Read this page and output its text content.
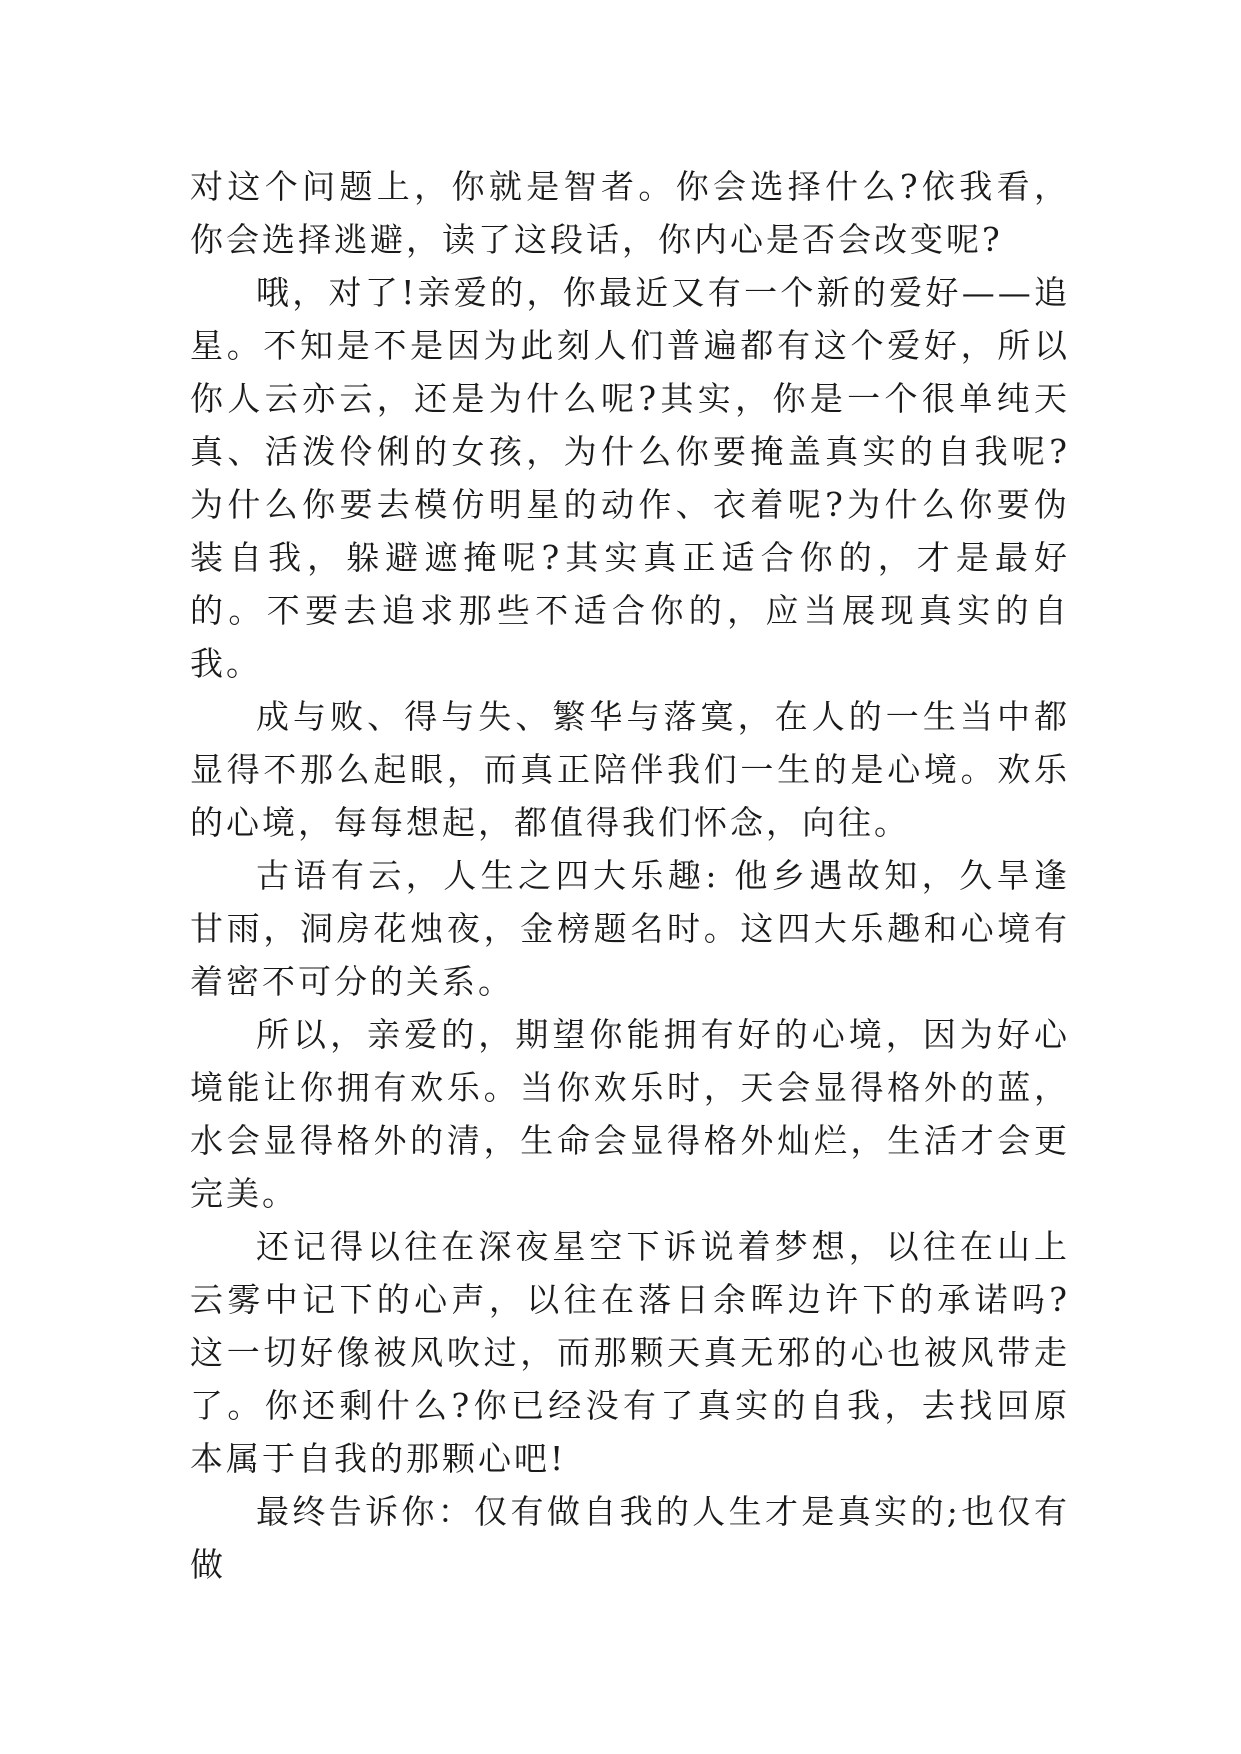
对这个问题上，你就是智者。你会选择什么?依我看，你会选择逃避，读了这段话，你内心是否会改变呢?

哦，对了!亲爱的，你最近又有一个新的爱好——追星。不知是不是因为此刻人们普遍都有这个爱好，所以你人云亦云，还是为什么呢?其实，你是一个很单纯天真、活泼伶俐的女孩，为什么你要掩盖真实的自我呢?为什么你要去模仿明星的动作、衣着呢?为什么你要伪装自我，躲避遮掩呢?其实真正适合你的，才是最好的。不要去追求那些不适合你的，应当展现真实的自我。

成与败、得与失、繁华与落寞，在人的一生当中都显得不那么起眼，而真正陪伴我们一生的是心境。欢乐的心境，每每想起，都值得我们怀念，向往。

古语有云，人生之四大乐趣: 他乡遇故知，久旱逢甘雨，洞房花烛夜，金榜题名时。这四大乐趣和心境有着密不可分的关系。

所以，亲爱的，期望你能拥有好的心境，因为好心境能让你拥有欢乐。当你欢乐时，天会显得格外的蓝，水会显得格外的清，生命会显得格外灿烂，生活才会更完美。

还记得以往在深夜星空下诉说着梦想，以往在山上云雾中记下的心声，以往在落日余晖边许下的承诺吗?这一切好像被风吹过，而那颗天真无邪的心也被风带走了。你还剩什么?你已经没有了真实的自我，去找回原本属于自我的那颗心吧!

最终告诉你：仅有做自我的人生才是真实的;也仅有做
